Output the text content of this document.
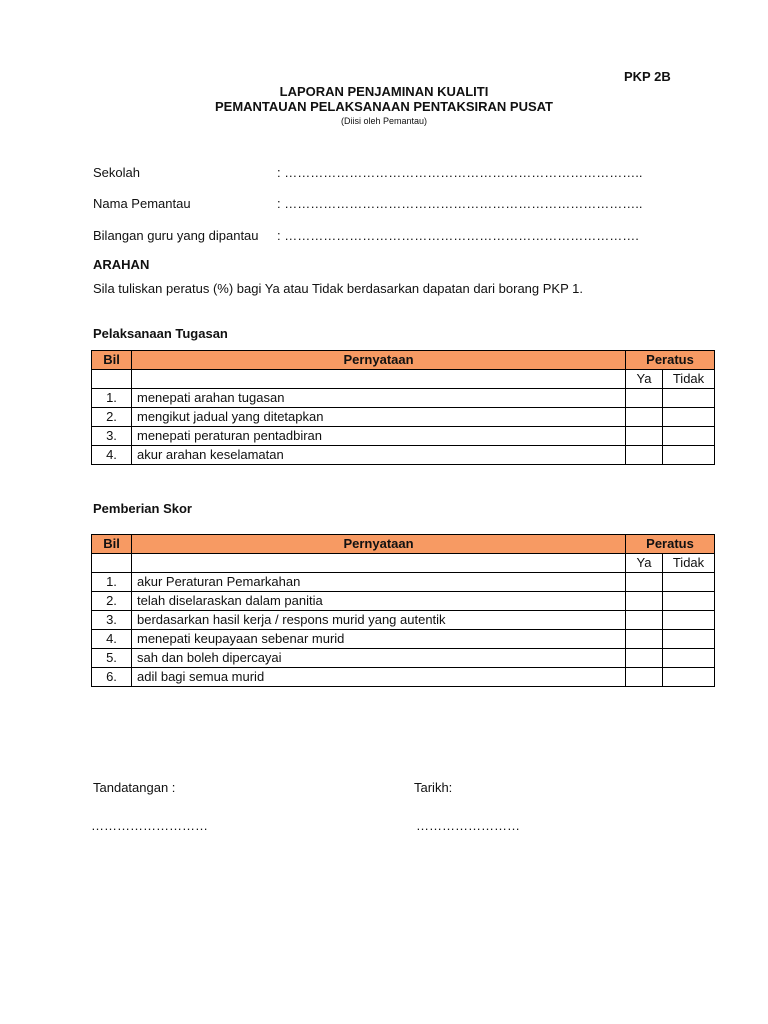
PKP 2B
LAPORAN PENJAMINAN KUALITI
PEMANTAUAN PELAKSANAAN PENTAKSIRAN PUSAT
(Diisi oleh Pemantau)
Sekolah	: ………………………………………………………………………..
Nama Pemantau	: ………………………………………………………………………..
Bilangan guru yang dipantau : ……………………………………………………………………….
ARAHAN
Sila tuliskan peratus (%) bagi Ya atau Tidak berdasarkan dapatan dari borang PKP 1.
Pelaksanaan Tugasan
Bil	Pernyataan	Peratus	
		Ya	Tidak
1.	menepati arahan tugasan		
2.	mengikut jadual yang ditetapkan		
3.	menepati peraturan pentadbiran		
4.	akur arahan keselamatan		
Pemberian Skor
Bil	Pernyataan	Peratus	
		Ya	Tidak
1.	akur Peraturan Pemarkahan		
2.	telah diselaraskan dalam panitia		
3.	berdasarkan hasil kerja / respons murid yang autentik		
4.	menepati keupayaan sebenar murid		
5.	sah dan boleh dipercayai		
6.	adil bagi semua murid		
Tandatangan :	Tarikh:
………………………	……………………
